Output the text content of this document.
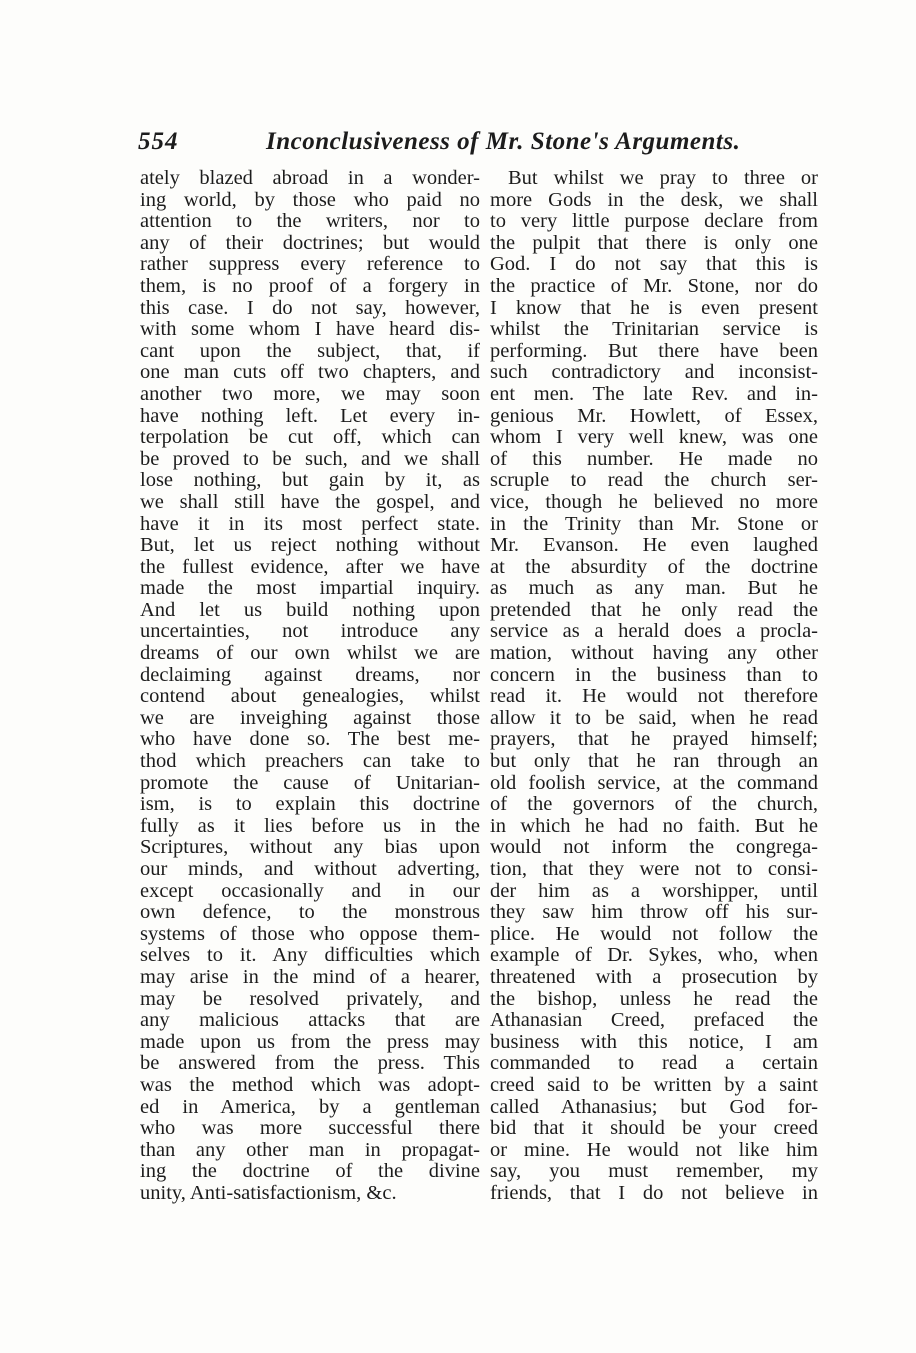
554	Inconclusiveness of Mr. Stone's Arguments.
ately blazed abroad in a wonder-
ing world, by those who paid no
attention to the writers, nor to
any of their doctrines; but would
rather suppress every reference to
them, is no proof of a forgery in
this case. I do not say, however,
with some whom I have heard dis-
cant upon the subject, that, if
one man cuts off two chapters, and
another two more, we may soon
have nothing left. Let every in-
terpolation be cut off, which can
be proved to be such, and we shall
lose nothing, but gain by it, as
we shall still have the gospel, and
have it in its most perfect state.
But, let us reject nothing without
the fullest evidence, after we have
made the most impartial inquiry.
And let us build nothing upon
uncertainties, not introduce any
dreams of our own whilst we are
declaiming against dreams, nor
contend about genealogies, whilst
we are inveighing against those
who have done so. The best me-
thod which preachers can take to
promote the cause of Unitarian-
ism, is to explain this doctrine
fully as it lies before us in the
Scriptures, without any bias upon
our minds, and without adverting,
except occasionally and in our
own defence, to the monstrous
systems of those who oppose them-
selves to it. Any difficulties which
may arise in the mind of a hearer,
may be resolved privately, and
any malicious attacks that are
made upon us from the press may
be answered from the press. This
was the method which was adopt-
ed in America, by a gentleman
who was more successful there
than any other man in propagat-
ing the doctrine of the divine
unity, Anti-satisfactionism, &c.
But whilst we pray to three or
more Gods in the desk, we shall
to very little purpose declare from
the pulpit that there is only one
God. I do not say that this is
the practice of Mr. Stone, nor do
I know that he is even present
whilst the Trinitarian service is
performing. But there have been
such contradictory and inconsist-
ent men. The late Rev. and in-
genious Mr. Howlett, of Essex,
whom I very well knew, was one
of this number. He made no
scruple to read the church ser-
vice, though he believed no more
in the Trinity than Mr. Stone or
Mr. Evanson. He even laughed
at the absurdity of the doctrine
as much as any man. But he
pretended that he only read the
service as a herald does a procla-
mation, without having any other
concern in the business than to
read it. He would not therefore
allow it to be said, when he read
prayers, that he prayed himself;
but only that he ran through an
old foolish service, at the command
of the governors of the church,
in which he had no faith. But he
would not inform the congrega-
tion, that they were not to consi-
der him as a worshipper, until
they saw him throw off his sur-
plice. He would not follow the
example of Dr. Sykes, who, when
threatened with a prosecution by
the bishop, unless he read the
Athanasian Creed, prefaced the
business with this notice, I am
commanded to read a certain
creed said to be written by a saint
called Athanasius; but God for-
bid that it should be your creed
or mine. He would not like him
say, you must remember, my
friends, that I do not believe in
